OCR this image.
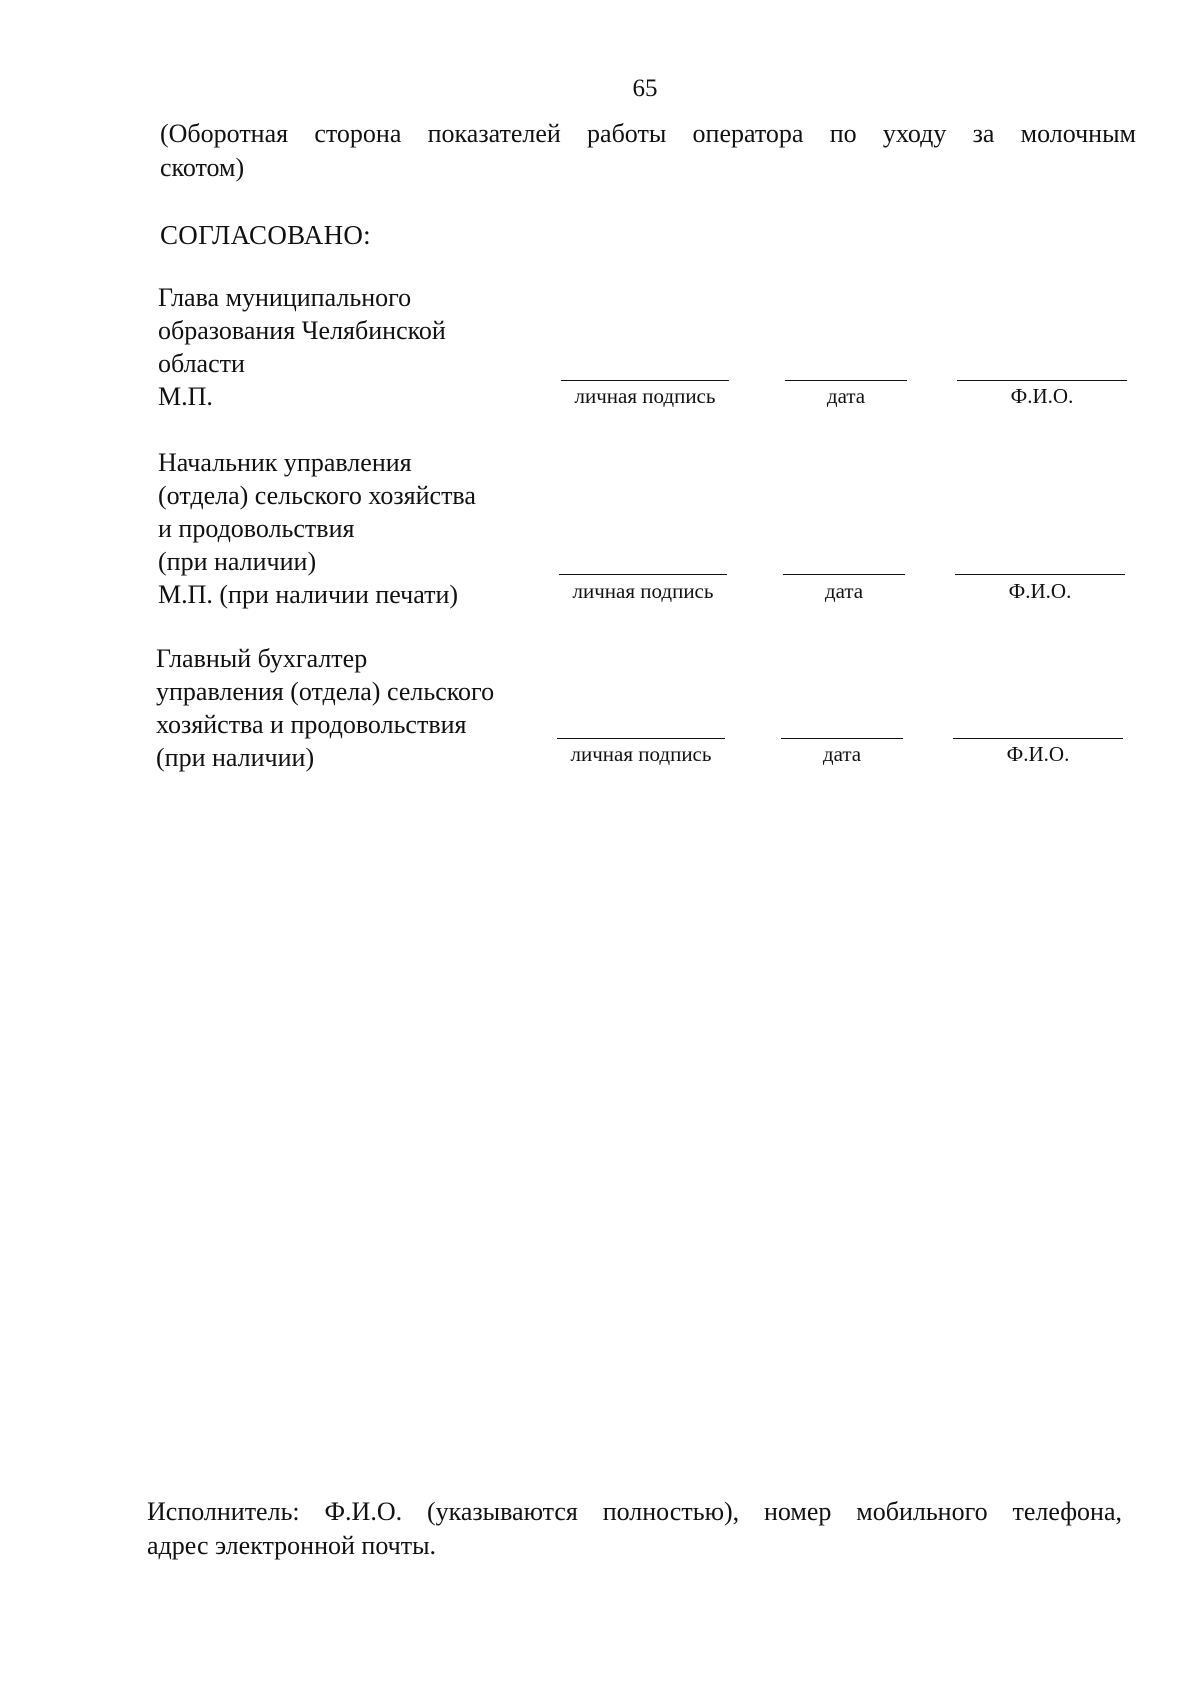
65
(Оборотная сторона показателей работы оператора по уходу за молочным
скотом)
СОГЛАСОВАНО:
Глава муниципального
образования Челябинской
области
М.П.	личная подпись	дата	Ф.И.О.
Начальник управления
(отдела) сельского хозяйства
и продовольствия
(при наличии)
М.П. (при наличии печати)	личная подпись	дата	Ф.И.О.
Главный бухгалтер
управления (отдела) сельского
хозяйства и продовольствия
(при наличии)	личная подпись	дата	Ф.И.О.
Исполнитель: Ф.И.О. (указываются полностью), номер мобильного телефона,
адрес электронной почты.
